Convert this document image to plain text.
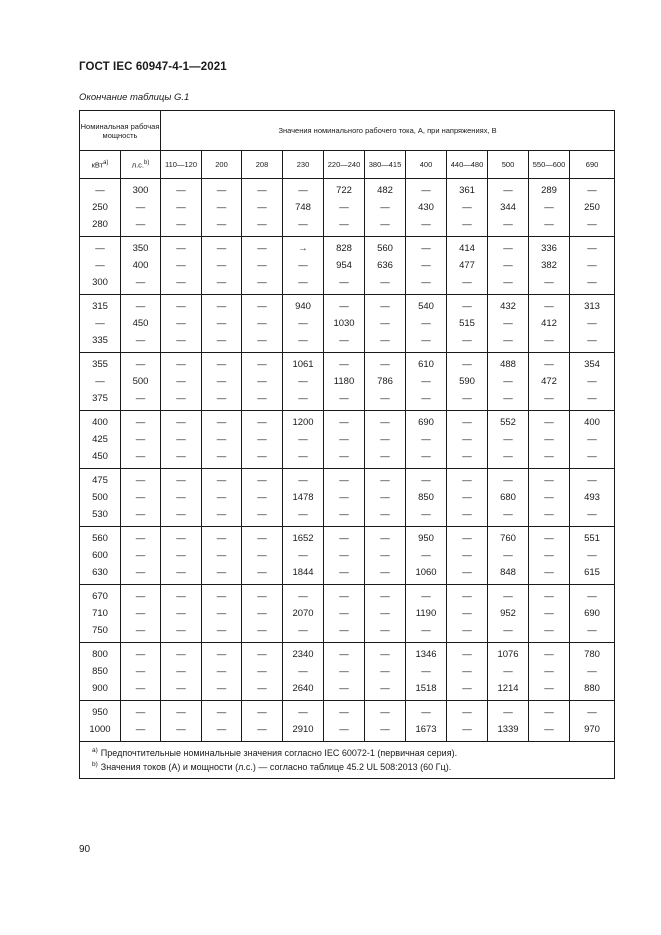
ГОСТ IEC 60947-4-1—2021
Окончание таблицы G.1
Номинальная рабочая мощность		Значения номинального рабочего тока, А, при напряжениях, В										
кВт$^{a)}$	л.с.$^{b)}$	110—120	200	208	230	220—240	380—415	400	440—480	500	550—600	690
—	300	—	—	—	—	722	482	—	361	—	289	—
250	—	—	—	—	748	—	—	430	—	344	—	250
280	—	—	—	—	—	—	—	—	—	—	—	—
—	350	—	—	—	→	828	560	—	414	—	336	—
—	400	—	—	—	—	954	636	—	477	—	382	—
300	—	—	—	—	—	—	—	—	—	—	—	—
315	—	—	—	—	940	—	—	540	—	432	—	313
—	450	—	—	—	—	1030	—	—	515	—	412	—
335	—	—	—	—	—	—	—	—	—	—	—	—
355	—	—	—	—	1061	—	—	610	—	488	—	354
—	500	—	—	—	—	1180	786	—	590	—	472	—
375	—	—	—	—	—	—	—	—	—	—	—	—
400	—	—	—	—	1200	—	—	690	—	552	—	400
425	—	—	—	—	—	—	—	—	—	—	—	—
450	—	—	—	—	—	—	—	—	—	—	—	—
475	—	—	—	—	—	—	—	—	—	—	—	—
500	—	—	—	—	1478	—	—	850	—	680	—	493
530	—	—	—	—	—	—	—	—	—	—	—	—
560	—	—	—	—	1652	—	—	950	—	760	—	551
600	—	—	—	—	—	—	—	—	—	—	—	—
630	—	—	—	—	1844	—	—	1060	—	848	—	615
670	—	—	—	—	—	—	—	—	—	—	—	—
710	—	—	—	—	2070	—	—	1190	—	952	—	690
750	—	—	—	—	—	—	—	—	—	—	—	—
800	—	—	—	—	2340	—	—	1346	—	1076	—	780
850	—	—	—	—	—	—	—	—	—	—	—	—
900	—	—	—	—	2640	—	—	1518	—	1214	—	880
950	—	—	—	—	—	—	—	—	—	—	—	—
1000	—	—	—	—	2910	—	—	1673	—	1339	—	970

$^{a)}$ Предпочтительные номинальные значения согласно IEC 60072-1 (первичная серия).
$^{b)}$ Значения токов (А) и мощности (л.с.) — согласно таблице 45.2 UL 508:2013 (60 Гц).												
90
